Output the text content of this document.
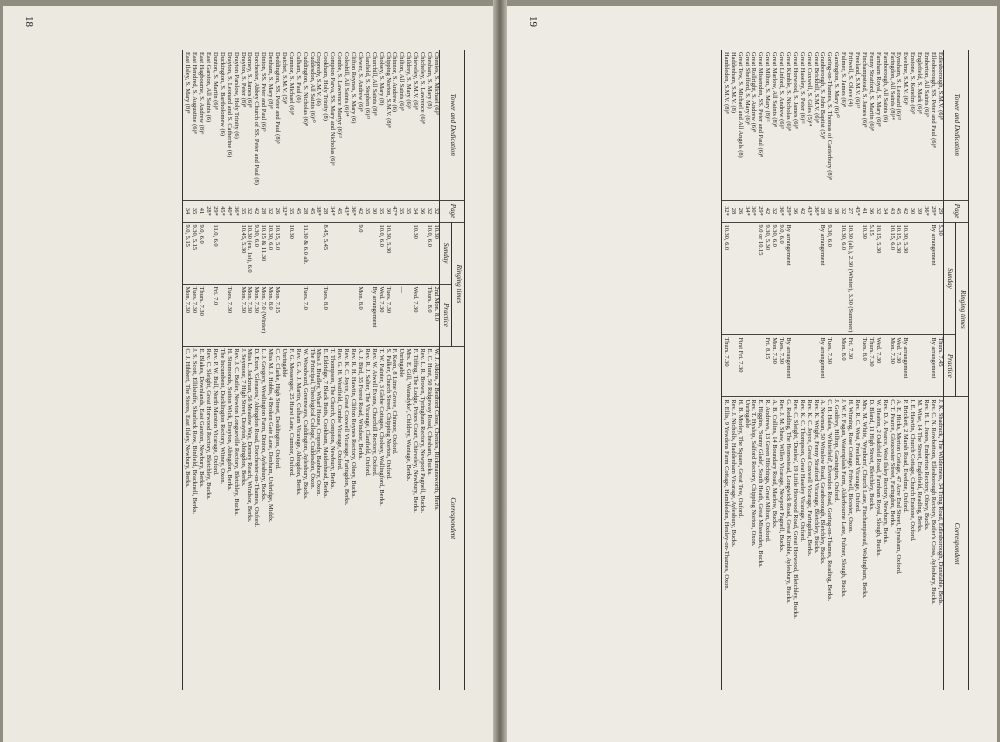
18
Tower and Dedication	Page	Ringing times		Correspondent
		Sunday	Practice	
Chenies, S. Michael (6)⁹	32	10.30	2nd Mon. 8.0	W. J. Atkins, 2 Bedford Close, Chenies, Rickmansworth, Herts.
Chesham, S. Mary (8)	32	10.0, 6.0	Thurs. 8.0	E. C. Hunt, 50 Ridgeway Road, Chesham, Bucks.
Chicheley, S. Lawrence (6)⁸	36			Rev. L. R. Brown, Tyringham Rectory, Newport Pagnell, Bucks.
Chieveley, S.M.V. (6)⁸	34	10.30	Wed. 7.30	F. Tiffing, The Lodge, Priors Court, Chieveley, Newbury, Berks.
Childrey, S. Mary (6)⁵	35			Mrs. E. Gill, 'Wansdyke', Childrey, Wantage, Berks.
Chilton, All Saints (6)⁸	35		—	Unringable
Chinnor, S. Andrew (6)	47*			F. Keen, 8 Lime Grove, Chinnor, Oxford.
Chipping Norton, S.M.V. (8)⁸	30	10.30, 5.30	Tues. 7.30	S. Palker, Church Street, Chipping Norton, Oxford.
Cholsey, S. Mary (8)	35	10.0, 6.0	Wed. 7.30	T. W. Painter, 3 Glebe Cottages, Cholsey, Wallingford, Berks.
Churchill, All Saints (8)⁸	30		By arrangement	Rev. W. Atwell Evans, Churchill Rectory, Oxford.
Clanfield, S. Stephen (6)¹³	35			Rev. R. J. Salter, The Vicarage, Clanfield, Oxford.
Clewer, S. Andrew (6)⁸	42	9.0	Mon. 8.0	A. J. Bird, 35 Forest Road, Windsor, Berks.
Clifton Reynes, S. Mary (6)	36*			Rev. R. H. Hawtin, Clifton Reynes Rectory, Olney, Bucks.
Coleshill, All Saints (6)¹⁴	43*			Rev. K. C. Joyce, Great Coxwell Vicarage, Faringdon, Berks.
Combe, S. Lawrence Martyr (6)¹³	45			Rev. G. H. Westfield, Combe Vicarage, Oxford.
Compton Parva, SS. Mary and Nicholas (6)⁶	34*			T. Thompson, The Church, Compton, Newbury, Berks.
Cookham, Holy Trinity (8)	28	8.45, 5.45	Tues. 8.0	E. Eldridge, 7 Black Butts, Cookham, Maidenhead, Berks.
Cropredy, S.M.V. (6)	38*			Miss J. Bradley, Wharf House, Cropredy, Banbury, Oxon.
Cuddesdon, All Saints (6)¹⁰	45			The Principal, Theological College, Cuddesdon, Oxon.
Cuddington, S. Nicholas (6)⁸	28	11.30 & 6.0 alt.	Tues. 7.0	W. Woodward, Greenways, Cuddington, Aylesbury, Bucks.
Culham, S. Paul (6)	45			Rev. G. A. J. Martin, Culham Vicarage, Abingdon, Berks.
Cumnor, S. Michael (6)⁸	35	10.30		F. G. Messenger, 25 Hurst Lane, Cumnor, Oxford.
Datchet, S.M.V. (5)⁸	32*			Unringable
Deddington, SS. Peter and Paul (8)⁵	26	10.15, 5.0	Mon. 7.15	C. C. Clarke, High Street, Deddington, Oxford.
Denham, S. Mary (8)⁸	32	10.30, 6.0	Mon. 8.0	Miss M. J. Hobbs, 4 Broken Gate Lane, Denham, Uxbridge, Middx.
Dinton, SS. Peter and Paul (6)⁹	28	10.15 & 11.30	Mon. 7.0 (Winter)	L. J. Gregory, Westlington Farm, Dinton, Aylesbury, Bucks.
Dorchester, Abbey Church of SS. Peter and Paul (8)	42	9.30, 6.0	Mon. 7.30	D. Exon, 'Glenaros,' Abingdon Road, Dorchester-on-Thames, Oxford.
Dorney, S. James (6)⁸	32	10.30 (ex. 1st), 6.0	Mon. 7.30	Miss L. Jackman, 56 Meadow Way, Dorney Reach, Windsor, Berks.
Drayton, S. Peter (8)⁸	35	10.45, 5.30	Mon. 7.30	J. Seymour, 7 High Street, Drayton, Abingdon, Berks.
Drayton Parslow, Holy Trinity (6)	36*			Rev. J. C. Butler, Newton Longueville Rectory, Bletchley, Bucks.
Drayton, S. Leonard and S. Catherine (6)	40*		Tues. 7.30	H. Simmonds, Sutton Wick, Drayton, Abingdon, Berks.
Duckington, S. Bartholomew (6)	45*			The Incumbent, Ducklington Rectory, Witney, Oxon.
Dunton, S. Martin (6)⁸	29*	11.0, 6.0	Fri. 7.0	Rev. P. W. Bull, North Marston Vicarage, Oxford.
East Garston, All Saints (6)	28*			Rev. C. Sleight, Great Horwood Rectory, Bletchley, Bucks.
East Hagbourne, S. Andrew (8)⁶	41	9.0, 6.0	Thurs. 7.30	E. Blakes, Downlands, East Garston, Newbury, Berks.
East Hendred, S. Augustine (6)⁸	35	9.30, 5.15	Tues. 7.30	J. S. Scott, Ellilstuffe, Shurlock Row, Binfield, Bracknell, Berks.
East Ilsley, S. Mary (8)⁸	34	9.0, 5.15	Mon. 7.30	C. J. Hibbert, The Stores, East Ilsley, Newbury, Berks.
19
Tower and Dedication	Page	Ringing times		Correspondent
		Sunday	Practice	
Edlesborough, S.M.V. (6)⁸	29	5.30	Thurs. 7.45	J. K. Shadrack, The Wilderness, 34 Tring Road, Edlesborough, Dunstable, Beds.
Ellesborough, SS. Peter and Paul (6)⁸	29*	By arrangement	By arrangement	Rev. C. N. Rowbottom, Ellesborough Rectory, Butler's Cross, Aylesbury, Bucks.
Emberton, All Saints (6)⁹	36*			Rev. H. L. Jones, Emberton Rectory, Olney, Bucks.
Englefield, S. Mark (6)⁸	39			M. Wise, 14 The Street, Englefield, Reading, Berks.
Enstone, S. Kenelm (6)⁹	30			I. E. Hawtin, Church Cottage, Church Enstone, Oxford.
Ewelme, S.M.V. (6)⁶	42	10.30, 5.30	By arrangement	P. Brickett, 2 Marsh Road, Ewelme, Oxford.
Eynsham, S. Leonard (6)¹²	45	10.15, 5.30	Wed. 7.30	A. E. Hicks, Merton Cottage, 47 Acre End Street, Eynsham, Oxford.
Faringdon, All Saints (8)¹⁴	43	10.15, 6.0	Mon. 7.30	C. T. Pearce, Gloucester Street, Faringdon, Berks.
Farnborough, All Saints (6)	34			Rev. D. A. Pearce, West Ilsley Rectory, Newbury, Berks.
Farnham Royal, S. Mary (6)⁸	32	10.15, 5.30	Wed. 7.30	W. Heaton, 2 Oakfield Road, Farnham Royal, Slough, Bucks.
Fenny Stratford, S. Martin (6)⁸	36	5.15	Thurs. 7.30	D. Bland, 11 High Street, Bletchley, Bucks.
Finchampstead, S. James (6)⁸	41	10.30	Tues. 8.0	Mrs. M. White, 'Wynburn', Church Lane, Finchampstead, Wokingham, Berks.
Freeland, S.M.V. (6)¹³	45*			Rev. R. C. West, Freeland Vicarage, Oxford.
Fritwell, S. Olave (4)	27	10.30 (alt.), 2.30 (Winter), 3.30 (Summer)	Fri. 7.30	H. Winning, Rose Cottage, Fritwell, Bicester, Oxon.
Fulmer, S. James (6)⁸	32	10.30, 6.0	Mon. 8.0	J. W. F. Fagan, Watersplash Farm, Alderbourne Lane, Fulmer, Slough, Bucks.
Garsington, S. Mary (6)¹⁰	38			J. Godfrey, Hilltop, Garsington, Oxford.
Goring-on-Thames, S. Thomas of Canterbury (8)⁸	39	9.30, 6.0	Tues. 7.30	C. H. Hales, 'Whitefield', Elvendon Road, Goring-on-Thames, Reading, Berks.
Granborough, S. John Baptist (5)⁸	28	By arrangement	By arrangement	A. Newman, 50 Winslow Road, Granborough, Bletchley, Bucks.
Great Brickhill, S.M.V. (6)⁸	36*			Rev. K. Wright, Fenny Stratford Vicarage, Bletchley, Bucks.
Great Coxwell, S. Giles (5)¹⁴	43*			Rev. K. C. Joyce, Great Coxwell Vicarage, Faringdon, Berks.
Great Haseley, S. Peter (6)¹¹	42			Rev. K. C. Thompson, Great Haseley Vicarage, Oxford.
Great Horwood, S. James (6)⁸	36			Rev. C. Sleight, 'Dunlea', 19 Little Horwood Road, Great Horwood, Bletchley, Bucks.
Great Kimble, S. Nicholas (6)⁸	29*	By arrangement	By arrangement	G. Redding, The Homestead, Longwick Road, Great Kimble, Aylesbury, Bucks.
Great Linford, S. Andrew (6)⁹	36*	9.0, 6.0	Tues. 7.30	Rev. J. M. Shaw, Willen Vicarage, Newport Pagnell, Bucks.
Great Marlow, All Saints (8)⁸	32	9.30, 6.0	Mon. 7.30	A. B. Collins, 14 Boundary Road, Marlow, Bucks.
Great Milton, S. Mary (8)¹¹	42	9.30, 5.30	Fri. 8.15	R. Andrews, 13 Green Hitchings, Great Milton, Oxford.
Great Missenden, SS. Peter and Paul (6)⁸	29*	9.0 or 10.15		E. Higgins, 'Sunny Glade', South Heath, Great Missenden, Bucks.
Great Rollright, S. Andrew (6)⁸	30*			Rev. T. Hyslop, Salford Rectory, Chipping Norton, Oxon.
Great Shefford, S. Mary (6)⁶	34*			Unringable
Great Tew, S. Michael and All Angels (8)	26		First Fri. 7.30	H. B. Morley, The Square, Great Tew, Oxford.
Haddenham, S.M.V. (8)	28			Rev. J. Nicholls, Haddenham Vicarage, Aylesbury, Bucks.
Hambleden, S.M.V. (8)⁸	32*	10.30, 6.0	Thurs. 7.30	R. Ellis, 9 Yewdens Farm Cottage, Hambleden, Henley-on-Thames, Oxon.
